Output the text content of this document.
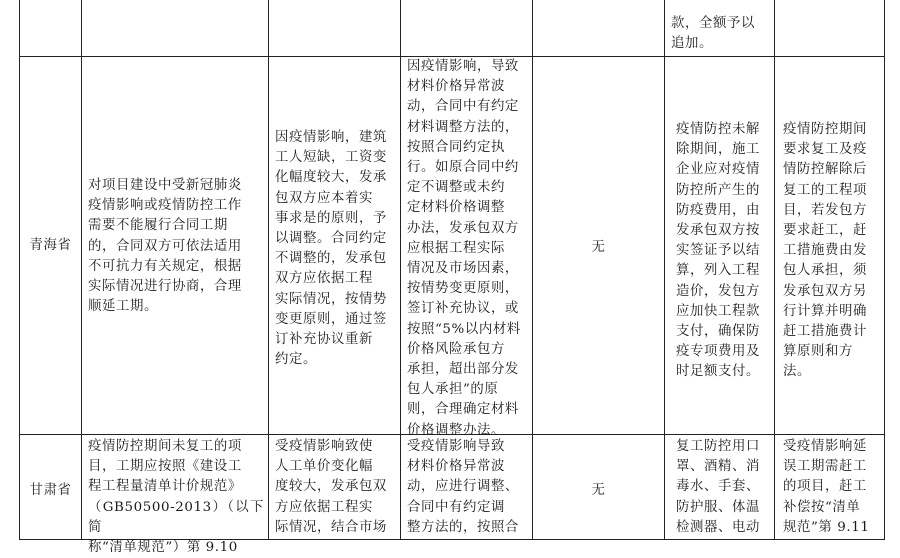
款，全额予以
追加。
青海省
对项目建设中受新冠肺炎
疫情影响或疫情防控工作
需要不能履行合同工期
的，合同双方可依法适用
不可抗力有关规定，根据
实际情况进行协商，合理
顺延工期。
因疫情影响，建筑
工人短缺，工资变
化幅度较大，发承
包双方应本着实
事求是的原则，予
以调整。合同约定
不调整的，发承包
双方应依据工程
实际情况，按情势
变更原则，通过签
订补充协议重新
约定。
因疫情影响，导致
材料价格异常波
动，合同中有约定
材料调整方法的，
按照合同约定执
行。如原合同中约
定不调整或未约
定材料价格调整
办法，发承包双方
应根据工程实际
情况及市场因素，
按情势变更原则，
签订补充协议，或
按照“5%以内材料
价格风险承包方
承担，超出部分发
包人承担”的原
则，合理确定材料
价格调整办法。
无
疫情防控未解
除期间，施工
企业应对疫情
防控所产生的
防疫费用，由
发承包双方按
实签证予以结
算，列入工程
造价，发包方
应加快工程款
支付，确保防
疫专项费用及
时足额支付。
疫情防控期间
要求复工及疫
情防控解除后
复工的工程项
目，若发包方
要求赶工，赶
工措施费由发
包人承担，须
发承包双方另
行计算并明确
赶工措施费计
算原则和方
法。
甘肃省
疫情防控期间未复工的项
目，工期应按照《建设工
程工程量清单计价规范》
（GB50500-2013）（以下简
称“清单规范”）第 9.10
受疫情影响致使
人工单价变化幅
度较大，发承包双
方应依据工程实
际情况，结合市场
受疫情影响导致
材料价格异常波
动，应进行调整、
合同中有约定调
整方法的，按照合
无
复工防控用口
罩、酒精、消
毒水、手套、
防护服、体温
检测器、电动
受疫情影响延
误工期需赶工
的项目，赶工
补偿按“清单
规范”第 9.11
